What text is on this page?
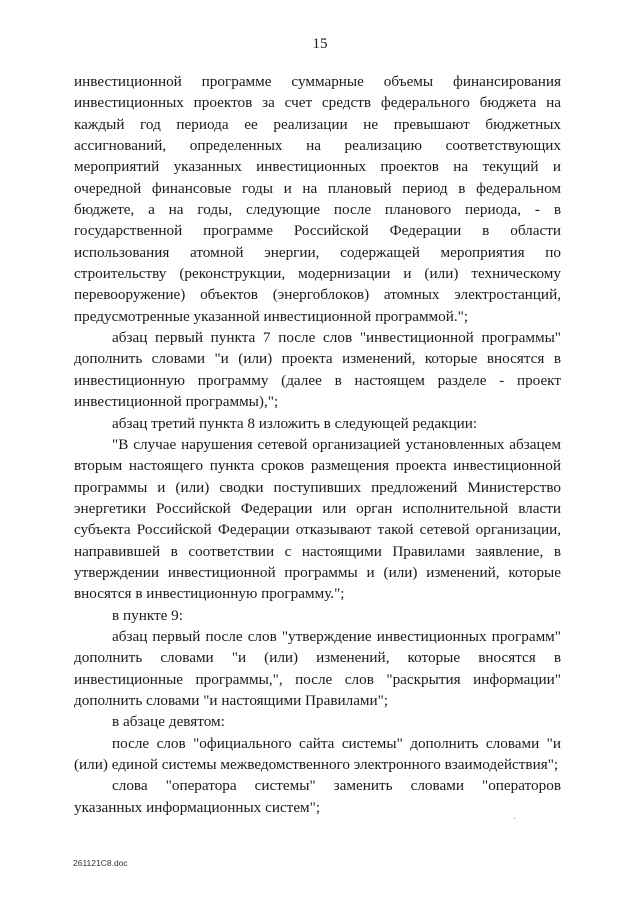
15

инвестиционной программе суммарные объемы финансирования инвестиционных проектов за счет средств федерального бюджета на каждый год периода ее реализации не превышают бюджетных ассигнований, определенных на реализацию соответствующих мероприятий указанных инвестиционных проектов на текущий и очередной финансовые годы и на плановый период в федеральном бюджете, а на годы, следующие после планового периода, - в государственной программе Российской Федерации в области использования атомной энергии, содержащей мероприятия по строительству (реконструкции, модернизации и (или) техническому перевооружение) объектов (энергоблоков) атомных электростанций, предусмотренные указанной инвестиционной программой.";

абзац первый пункта 7 после слов "инвестиционной программы" дополнить словами "и (или) проекта изменений, которые вносятся в инвестиционную программу (далее в настоящем разделе - проект инвестиционной программы),";

абзац третий пункта 8 изложить в следующей редакции:

"В случае нарушения сетевой организацией установленных абзацем вторым настоящего пункта сроков размещения проекта инвестиционной программы и (или) сводки поступивших предложений Министерство энергетики Российской Федерации или орган исполнительной власти субъекта Российской Федерации отказывают такой сетевой организации, направившей в соответствии с настоящими Правилами заявление, в утверждении инвестиционной программы и (или) изменений, которые вносятся в инвестиционную программу.";

в пункте 9:

абзац первый после слов "утверждение инвестиционных программ" дополнить словами "и (или) изменений, которые вносятся в инвестиционные программы,", после слов "раскрытия информации" дополнить словами "и настоящими Правилами";

в абзаце девятом:

после слов "официального сайта системы" дополнить словами "и (или) единой системы межведомственного электронного взаимодействия";

слова "оператора системы" заменить словами "операторов указанных информационных систем";

261121C8.doc
